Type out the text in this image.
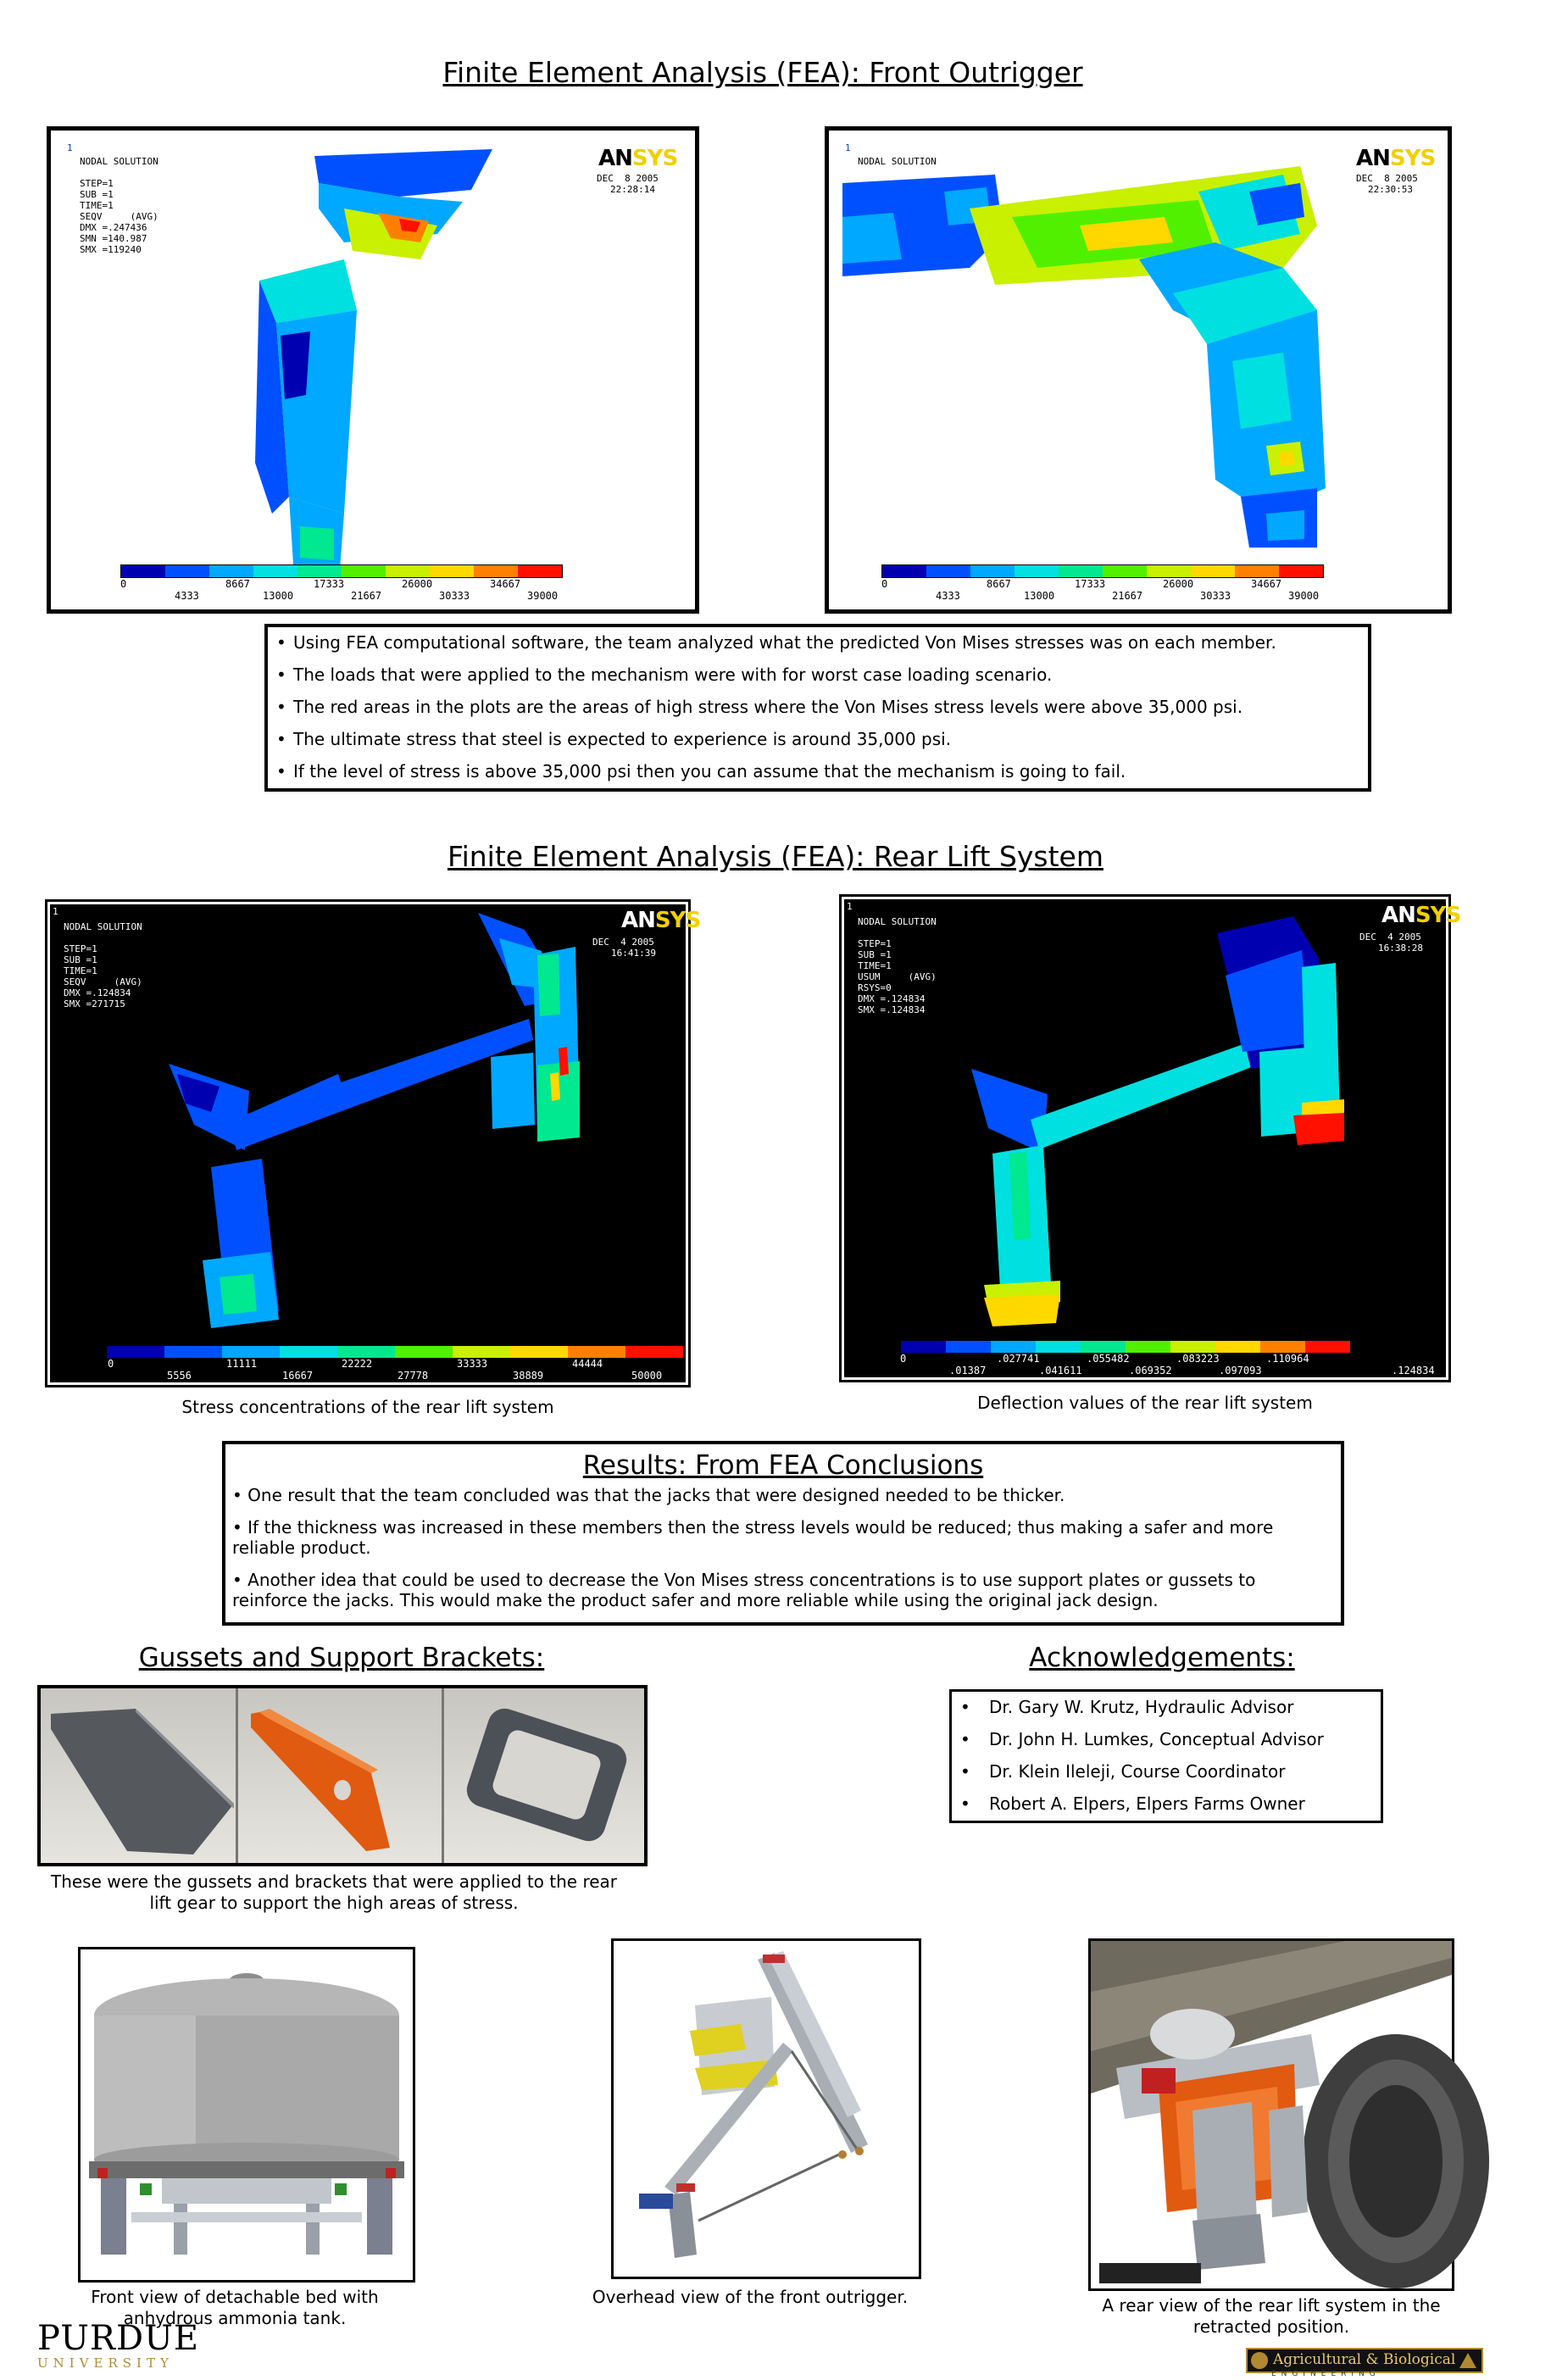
Finite Element Analysis (FEA): Front Outrigger
1
NODAL SOLUTION

STEP=1
SUB =1
TIME=1
SEQV     (AVG)
DMX =.247436
SMN =140.987
SMX =119240
ANSYS
DEC  8 2005
22:28:14
0	8667	17333	26000	34667
4333	13000	21667	30333	39000
1
NODAL SOLUTION	ANSYS
DEC  8 2005
22:30:53
0	8667	17333	26000	34667
4333	13000	21667	30333	39000
• Using FEA computational software, the team analyzed what the predicted Von Mises stresses was on each member.
• The loads that were applied to the mechanism were with for worst case loading scenario.
• The red areas in the plots are the areas of high stress where the Von Mises stress levels were above 35,000 psi.
• The ultimate stress that steel is expected to experience is around 35,000 psi.
• If the level of stress is above 35,000 psi then you can assume that the mechanism is going to fail.
Finite Element Analysis (FEA): Rear Lift System
1
NODAL SOLUTION

STEP=1
SUB =1
TIME=1
SEQV     (AVG)
DMX =.124834
SMX =271715
ANSYS
DEC  4 2005
16:41:39
0	11111	22222	33333	44444
5556	16667	27778	38889	50000
Stress concentrations of the rear lift system
1
NODAL SOLUTION

STEP=1
SUB =1
TIME=1
USUM     (AVG)
RSYS=0
DMX =.124834
SMX =.124834
ANSYS
DEC  4 2005
16:38:28
0	.027741	.055482	.083223	.110964
.01387	.041611	.069352	.097093	.124834
Deflection values of the rear lift system
Results: From FEA Conclusions
• One result that the team concluded was that the jacks that were designed needed to be thicker.
• If the thickness was increased in these members then the stress levels would be reduced; thus making a safer and more reliable product.
• Another idea that could be used to decrease the Von Mises stress concentrations is to use support plates or gussets to reinforce the jacks. This would make the product safer and more reliable while using the original jack design.
Gussets and Support Brackets:
These were the gussets and brackets that were applied to the rear lift gear to support the high areas of stress.
Acknowledgements:
• Dr. Gary W. Krutz, Hydraulic Advisor
• Dr. John H. Lumkes, Conceptual Advisor
• Dr. Klein Ileleji, Course Coordinator
• Robert A. Elpers, Elpers Farms Owner
Front view of detachable bed with anhydrous ammonia tank.
Overhead view of the front outrigger.	A rear view of the rear lift system in the retracted position.
PURDUE
UNIVERSITY	Agricultural & Biological
ENGINEERING
